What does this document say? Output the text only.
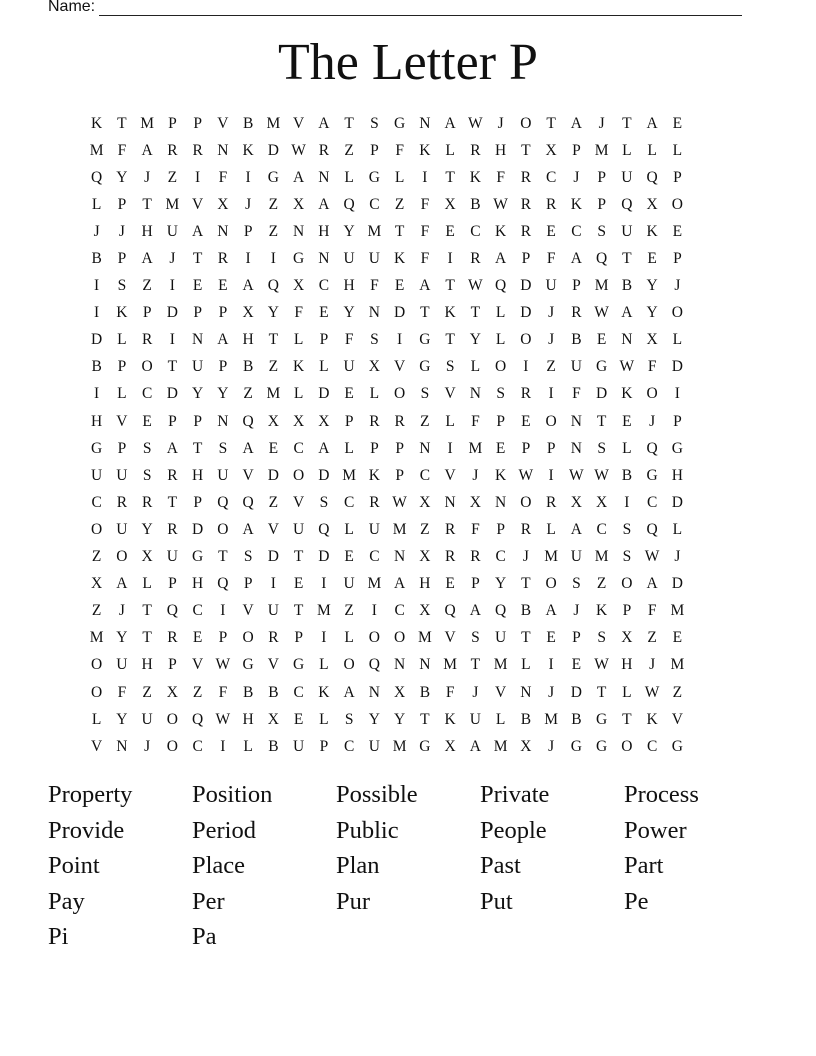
Name:
The Letter P
K T M P	P V B M V A T	S G N A W J	O T A	J	T A E
M F A R R N K D W R Z	P	F K L R H T X P M L	L	L
Q Y	J	Z	I	F	I	G A N L G L	I	T K F	R C	J	P U Q P
L	P	T M V X	J	Z X A Q C Z	F X B W R R K P Q X O
J	J	H U A N P	Z N H Y M T	F	E C K R E C	S U K E
B	P A	J	T R	I	I	G N U U K F	I	R A P	F A Q T	E	P
I	S	Z	I	E	E A Q X C H F	E A T W Q D U P M B Y	J
I	K P D P	P X Y F	E Y N D T K T	L D	J	R W A Y O
D L R	I	N A H T	L	P	F	S	I	G T Y L O	J	B E N X L
B	P O T U P	B Z K L U X V G S	L O	I	Z U G W F D
I	L C D Y Y Z M L D E	L O S V N S	R	I	F D K O	I
H V E	P	P N Q X X X P	R R Z	L	F	P	E O N T	E	J	P
G P	S A T	S A E C A L	P	P N	I	M E	P	P N S	L Q G
U U S	R H U V D O D M K P	C V	J	K W I W W B G H
C R R T	P Q Q Z V S	C R W X N X N O R X X	I	C D
O U Y R D O A V U Q L U M Z R	F	P	R L A C	S Q L
Z O X U G T	S D T D E C N X R R C	J M U M S W J
X A L	P H Q P	I	E	I	U M A H E	P Y T O S	Z O A D
Z	J	T Q C	I	V U T M Z	I	C X Q A Q B A	J	K P	F M
M Y T R E	P O R	P	I	L O O M V S U T	E	P	S X Z	E
O U H P V W G V G L O Q N N M T M L	I	E W H	J M
O F	Z X Z	F	B B C K A N X B	F	J	V N	J	D T	L W Z
L Y U O Q W H X E	L	S Y Y T K U L B M B G T K V
V N	J	O C	I	L B U P	C U M G X A M X	J	G G O C G
Property	Position	Possible	Private	Process
Provide	Period	Public	People	Power
Point	Place	Plan	Past	Part
Pay	Per	Pur	Put	Pe
Pi	Pa
